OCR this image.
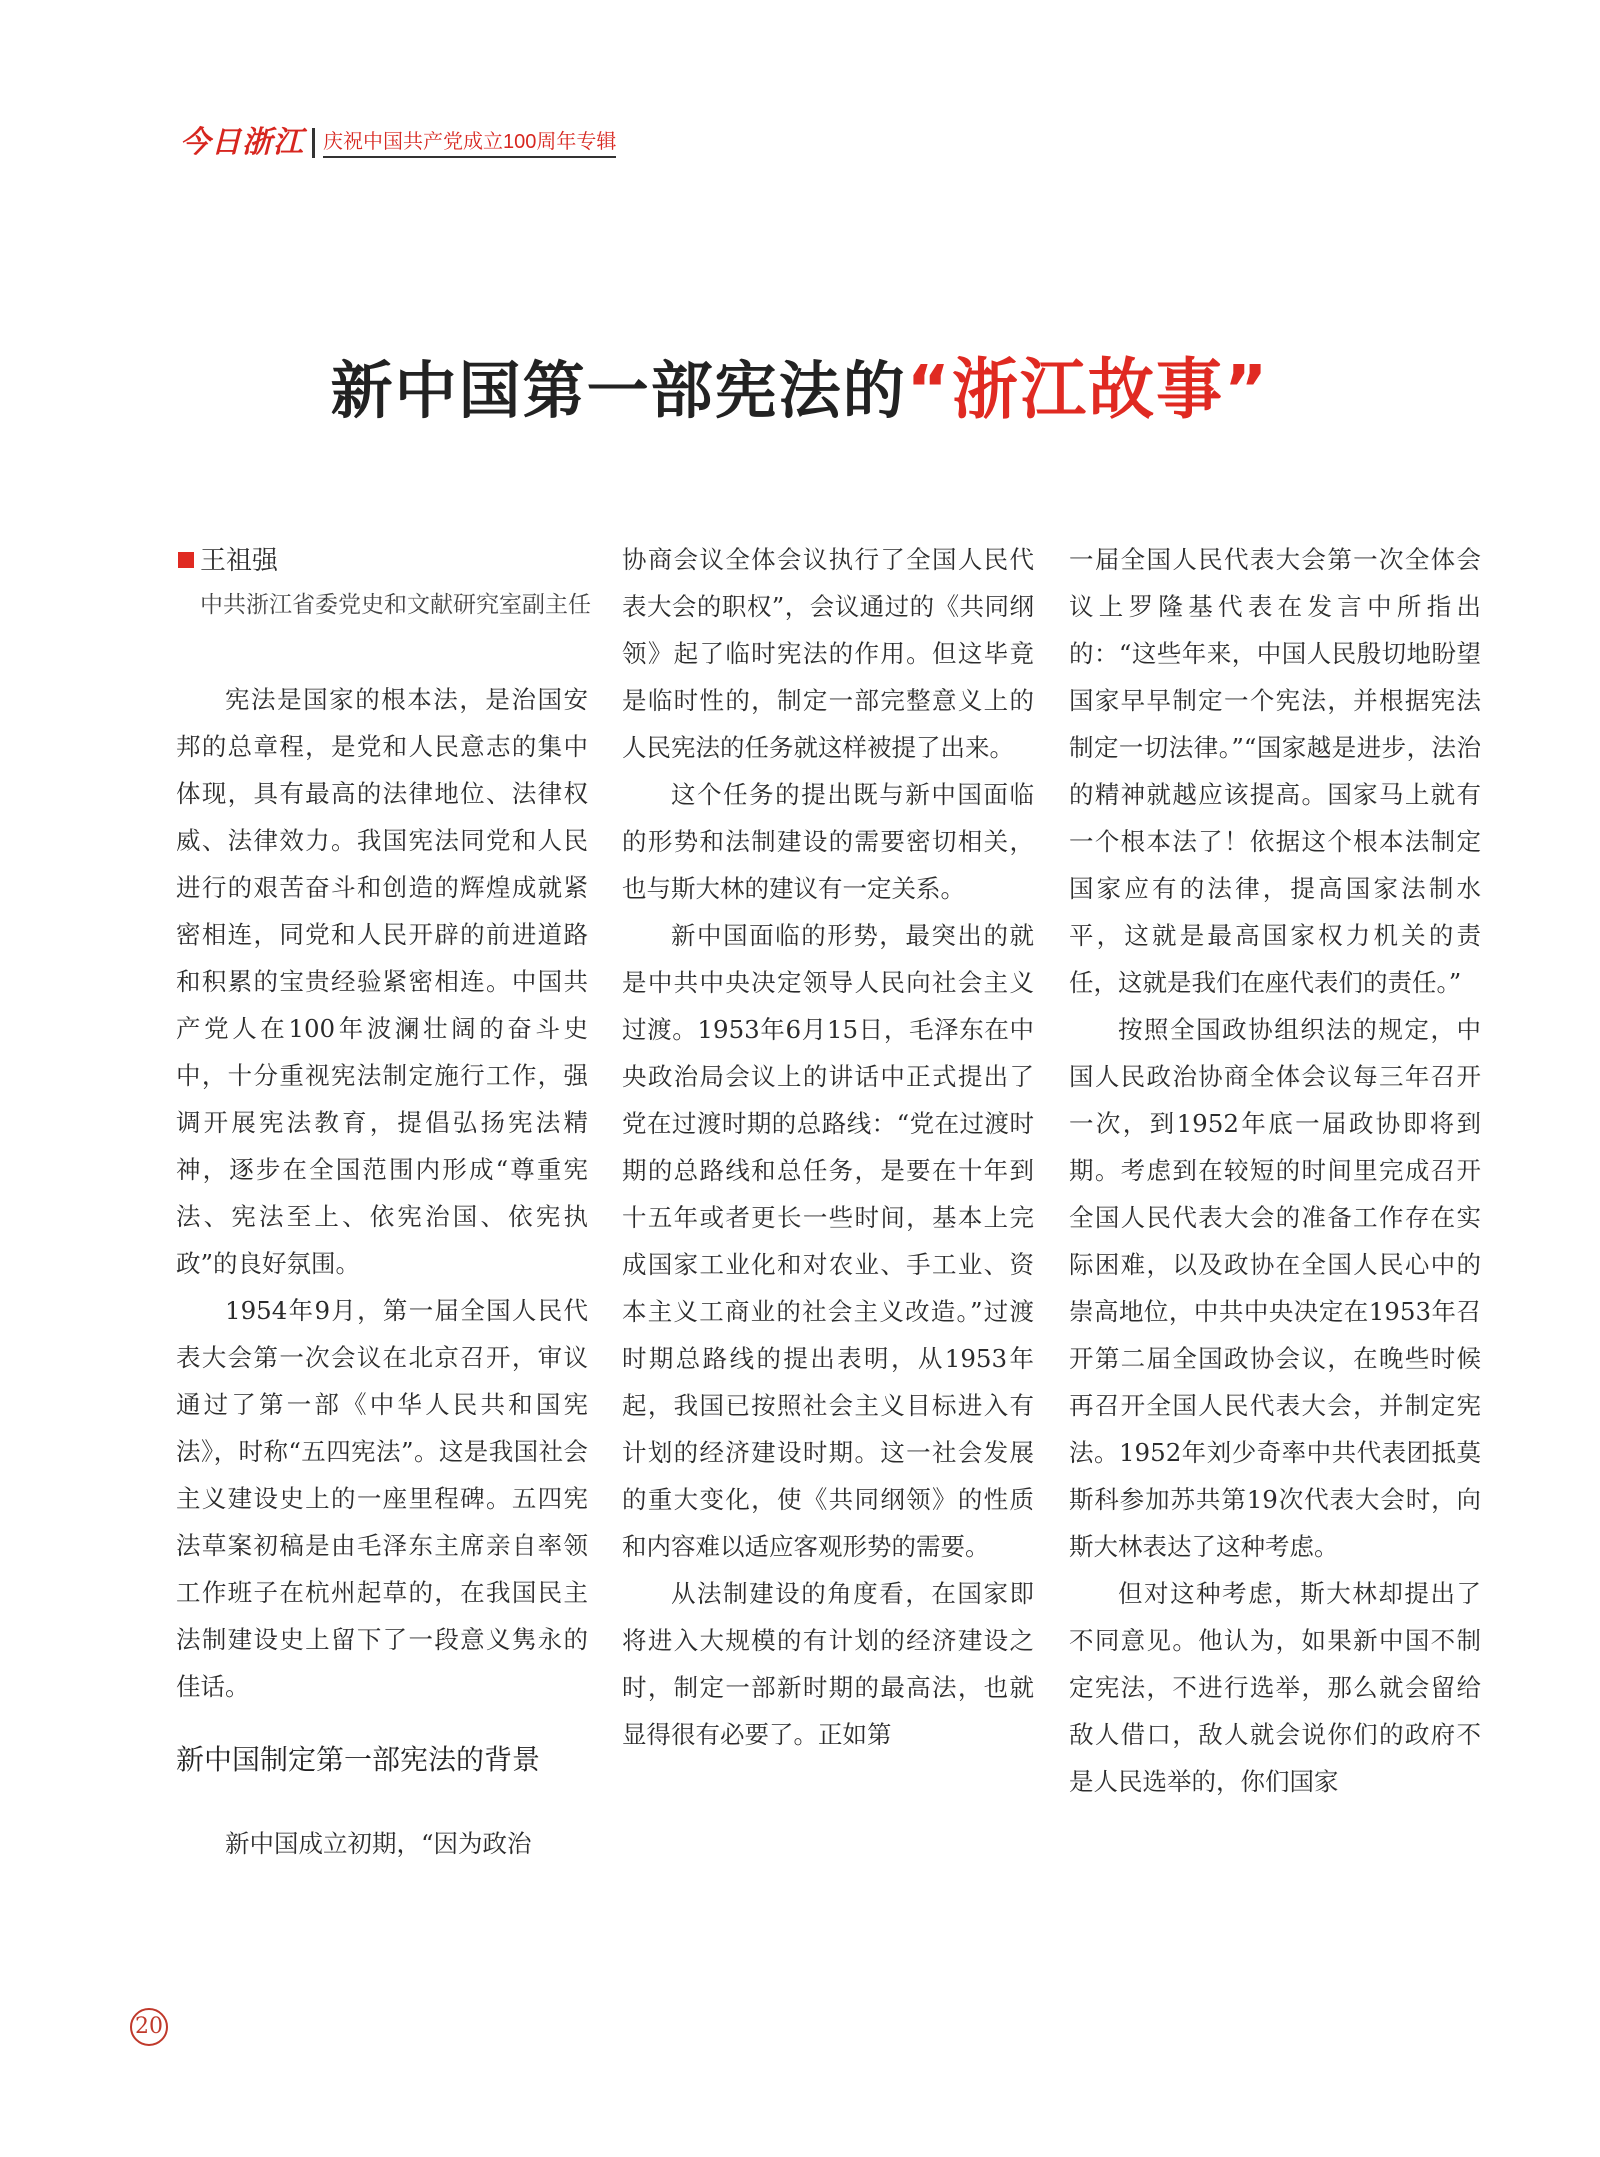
今日浙江 庆祝中国共产党成立100周年专辑
新中国第一部宪法的“浙江故事”
王祖强
中共浙江省委党史和文献研究室副主任

宪法是国家的根本法，是治国安邦的总章程，是党和人民意志的集中体现，具有最高的法律地位、法律权威、法律效力。我国宪法同党和人民进行的艰苦奋斗和创造的辉煌成就紧密相连，同党和人民开辟的前进道路和积累的宝贵经验紧密相连。中国共产党人在100年波澜壮阔的奋斗史中，十分重视宪法制定施行工作，强调开展宪法教育，提倡弘扬宪法精神，逐步在全国范围内形成“尊重宪法、宪法至上、依宪治国、依宪执政”的良好氛围。

1954年9月，第一届全国人民代表大会第一次会议在北京召开，审议通过了第一部《中华人民共和国宪法》，时称“五四宪法”。这是我国社会主义建设史上的一座里程碑。五四宪法草案初稿是由毛泽东主席亲自率领工作班子在杭州起草的，在我国民主法制建设史上留下了一段意义隽永的佳话。

新中国制定第一部宪法的背景

新中国成立初期，“因为政治

协商会议全体会议执行了全国人民代表大会的职权”，会议通过的《共同纲领》起了临时宪法的作用。但这毕竟是临时性的，制定一部完整意义上的人民宪法的任务就这样被提了出来。

这个任务的提出既与新中国面临的形势和法制建设的需要密切相关，也与斯大林的建议有一定关系。

新中国面临的形势，最突出的就是中共中央决定领导人民向社会主义过渡。1953年6月15日，毛泽东在中央政治局会议上的讲话中正式提出了党在过渡时期的总路线：“党在过渡时期的总路线和总任务，是要在十年到十五年或者更长一些时间，基本上完成国家工业化和对农业、手工业、资本主义工商业的社会主义改造。”过渡时期总路线的提出表明，从1953年起，我国已按照社会主义目标进入有计划的经济建设时期。这一社会发展的重大变化，使《共同纲领》的性质和内容难以适应客观形势的需要。

从法制建设的角度看，在国家即将进入大规模的有计划的经济建设之时，制定一部新时期的最高法，也就显得很有必要了。正如第

一届全国人民代表大会第一次全体会议上罗隆基代表在发言中所指出的：“这些年来，中国人民殷切地盼望国家早早制定一个宪法，并根据宪法制定一切法律。”“国家越是进步，法治的精神就越应该提高。国家马上就有一个根本法了！依据这个根本法制定国家应有的法律，提高国家法制水平，这就是最高国家权力机关的责任，这就是我们在座代表们的责任。”

按照全国政协组织法的规定，中国人民政治协商全体会议每三年召开一次，到1952年底一届政协即将到期。考虑到在较短的时间里完成召开全国人民代表大会的准备工作存在实际困难，以及政协在全国人民心中的崇高地位，中共中央决定在1953年召开第二届全国政协会议，在晚些时候再召开全国人民代表大会，并制定宪法。1952年刘少奇率中共代表团抵莫斯科参加苏共第19次代表大会时，向斯大林表达了这种考虑。

但对这种考虑，斯大林却提出了不同意见。他认为，如果新中国不制定宪法，不进行选举，那么就会留给敌人借口，敌人就会说你们的政府不是人民选举的，你们国家

20
